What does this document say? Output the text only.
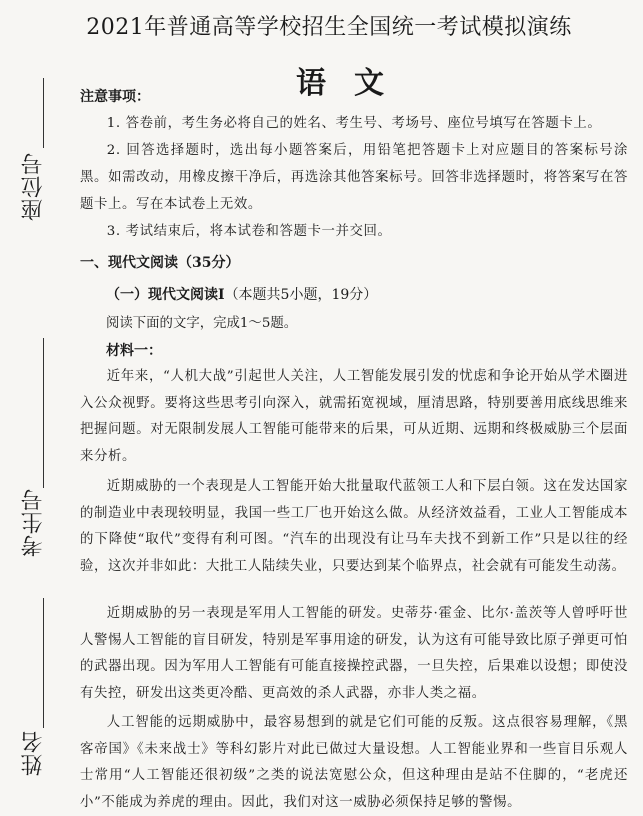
座位号
考生号
姓名
2021年普通高等学校招生全国统一考试模拟演练
语文
注意事项：
1. 答卷前，考生务必将自己的姓名、考生号、考场号、座位号填写在答题卡上。
2. 回答选择题时，选出每小题答案后，用铅笔把答题卡上对应题目的答案标号涂黑。如需改动，用橡皮擦干净后，再选涂其他答案标号。回答非选择题时，将答案写在答题卡上。写在本试卷上无效。
3. 考试结束后，将本试卷和答题卡一并交回。
一、现代文阅读（35分）
（一）现代文阅读Ⅰ（本题共5小题，19分）
阅读下面的文字，完成1～5题。
材料一：
近年来，“人机大战”引起世人关注，人工智能发展引发的忧虑和争论开始从学术圈进入公众视野。要将这些思考引向深入，就需拓宽视域，厘清思路，特别要善用底线思维来把握问题。对无限制发展人工智能可能带来的后果，可从近期、远期和终极威胁三个层面来分析。
近期威胁的一个表现是人工智能开始大批量取代蓝领工人和下层白领。这在发达国家的制造业中表现较明显，我国一些工厂也开始这么做。从经济效益看，工业人工智能成本的下降使“取代”变得有利可图。“汽车的出现没有让马车夫找不到新工作”只是以往的经验，这次并非如此：大批工人陆续失业，只要达到某个临界点，社会就有可能发生动荡。
近期威胁的另一表现是军用人工智能的研发。史蒂芬·霍金、比尔·盖茨等人曾呼吁世人警惕人工智能的盲目研发，特别是军事用途的研发，认为这有可能导致比原子弹更可怕的武器出现。因为军用人工智能有可能直接操控武器，一旦失控，后果难以设想；即使没有失控，研发出这类更冷酷、更高效的杀人武器，亦非人类之福。
人工智能的远期威胁中，最容易想到的就是它们可能的反叛。这点很容易理解，《黑客帝国》《未来战士》等科幻影片对此已做过大量设想。人工智能业界和一些盲目乐观人士常用“人工智能还很初级”之类的说法宽慰公众，但这种理由是站不住脚的，“老虎还小”不能成为养虎的理由。因此，我们对这一威胁必须保持足够的警惕。
